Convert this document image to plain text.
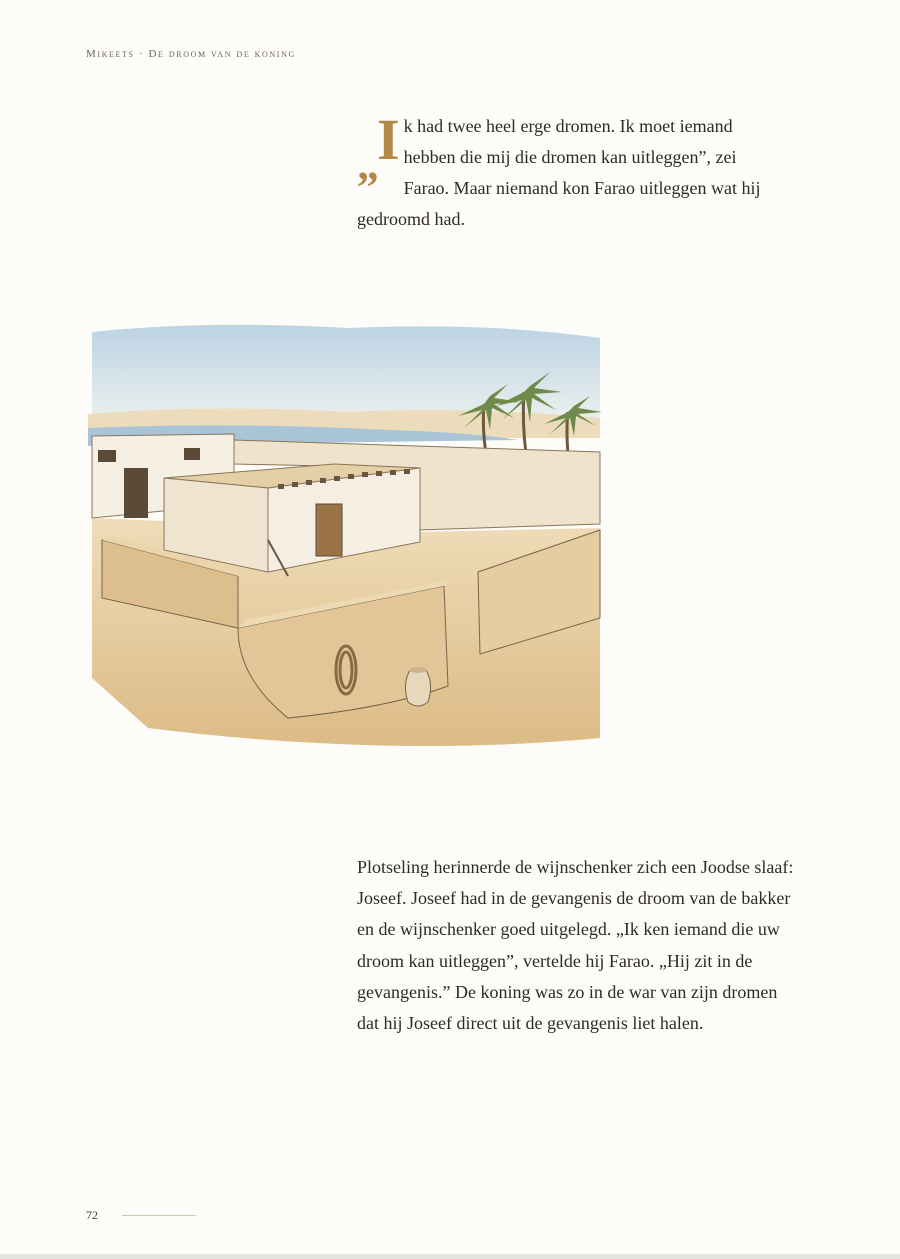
Mikeets · De droom van de koning
„
I k had twee heel erge dromen. Ik moet iemand hebben die mij die dromen kan uitleggen”, zei Farao. Maar niemand kon Farao uitleggen wat hij gedroomd had.
Plotseling herinnerde de wijnschenker zich een Joodse slaaf: Joseef. Joseef had in de gevangenis de droom van de bakker en de wijnschenker goed uitgelegd. „Ik ken iemand die uw droom kan uitleggen”, vertelde hij Farao. „Hij zit in de gevangenis.” De koning was zo in de war van zijn dromen dat hij Joseef direct uit de gevangenis liet halen.
72
